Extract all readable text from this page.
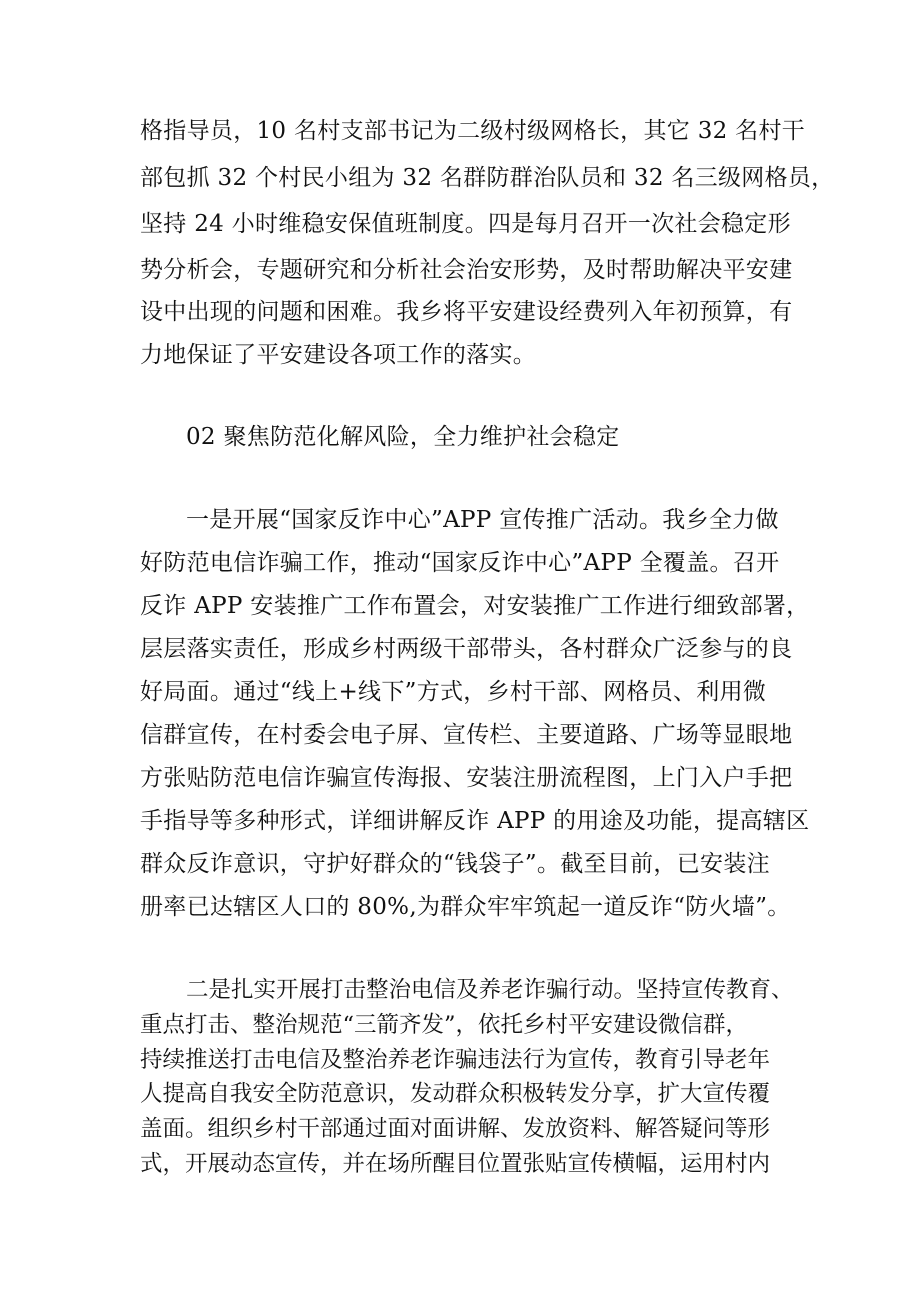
格指导员，10 名村支部书记为二级村级网格长，其它 32 名村干
部包抓 32 个村民小组为 32 名群防群治队员和 32 名三级网格员，
坚持 24 小时维稳安保值班制度。四是每月召开一次社会稳定形
势分析会，专题研究和分析社会治安形势，及时帮助解决平安建
设中出现的问题和困难。我乡将平安建设经费列入年初预算，有
力地保证了平安建设各项工作的落实。
02 聚焦防范化解风险，全力维护社会稳定
一是开展“国家反诈中心”APP 宣传推广活动。我乡全力做
好防范电信诈骗工作，推动“国家反诈中心”APP 全覆盖。召开
反诈 APP 安装推广工作布置会，对安装推广工作进行细致部署，
层层落实责任，形成乡村两级干部带头，各村群众广泛参与的良
好局面。通过“线上+线下”方式，乡村干部、网格员、利用微
信群宣传，在村委会电子屏、宣传栏、主要道路、广场等显眼地
方张贴防范电信诈骗宣传海报、安装注册流程图，上门入户手把
手指导等多种形式，详细讲解反诈 APP 的用途及功能，提高辖区
群众反诈意识，守护好群众的“钱袋子”。截至目前，已安装注
册率已达辖区人口的 80%,为群众牢牢筑起一道反诈“防火墙”。
二是扎实开展打击整治电信及养老诈骗行动。坚持宣传教育、
重点打击、整治规范“三箭齐发”，依托乡村平安建设微信群，
持续推送打击电信及整治养老诈骗违法行为宣传，教育引导老年
人提高自我安全防范意识，发动群众积极转发分享，扩大宣传覆
盖面。组织乡村干部通过面对面讲解、发放资料、解答疑问等形
式，开展动态宣传，并在场所醒目位置张贴宣传横幅，运用村内
